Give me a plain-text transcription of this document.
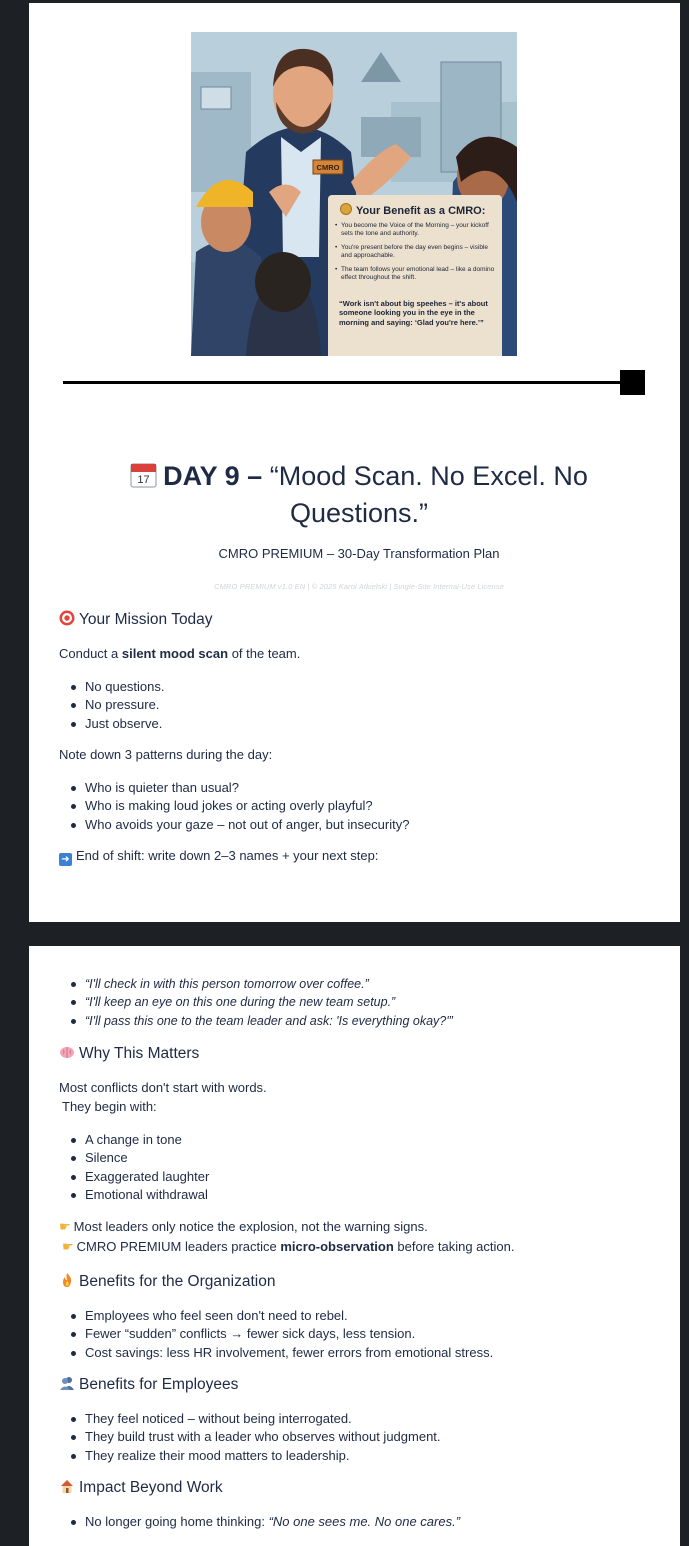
Your Benefit as a CMRO:
• You become the Voice of the Morning – your kickoff sets the tone and authority.
• You're present before the day even begins – visible and approachable.
• The team follows your emotional lead – like a domino effect throughout the shift.
“Work isn't about big speehes – it's about someone looking you in the eye in the morning and saying: ‘Glad you're here.’”
CMRO
17 DAY 9 – “Mood Scan. No Excel. No Questions.”
CMRO PREMIUM – 30-Day Transformation Plan
CMRO PREMIUM v1.0 EN | © 2025 Karol Atkielski | Single-Site Internal-Use License
Your Mission Today
Conduct a silent mood scan of the team.
No questions.
No pressure.
Just observe.
Note down 3 patterns during the day:
Who is quieter than usual?
Who is making loud jokes or acting overly playful?
Who avoids your gaze – not out of anger, but insecurity?
➜ End of shift: write down 2–3 names + your next step:
“I'll check in with this person tomorrow over coffee.”
“I'll keep an eye on this one during the new team setup.”
“I'll pass this one to the team leader and ask: 'Is everything okay?'”
Why This Matters
Most conflicts don't start with words.
They begin with:
A change in tone
Silence
Exaggerated laughter
Emotional withdrawal
☛ Most leaders only notice the explosion, not the warning signs.
☛ CMRO PREMIUM leaders practice micro-observation before taking action.
Benefits for the Organization
Employees who feel seen don't need to rebel.
Fewer “sudden” conflicts → fewer sick days, less tension.
Cost savings: less HR involvement, fewer errors from emotional stress.
Benefits for Employees
They feel noticed – without being interrogated.
They build trust with a leader who observes without judgment.
They realize their mood matters to leadership.
Impact Beyond Work
No longer going home thinking: “No one sees me. No one cares.”
